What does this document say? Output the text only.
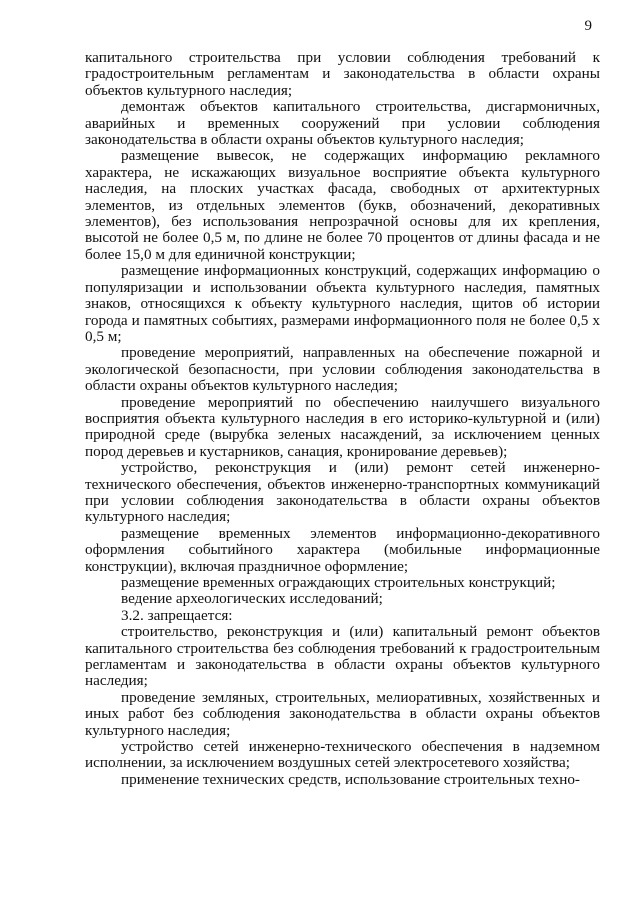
9

капитального строительства при условии соблюдения требований к градостроительным регламентам и законодательства в области охраны объектов культурного наследия;

демонтаж объектов капитального строительства, дисгармоничных, аварийных и временных сооружений при условии соблюдения законодательства в области охраны объектов культурного наследия;

размещение вывесок, не содержащих информацию рекламного характера, не искажающих визуальное восприятие объекта культурного наследия, на плоских участках фасада, свободных от архитектурных элементов, из отдельных элементов (букв, обозначений, декоративных элементов), без использования непрозрачной основы для их крепления, высотой не более 0,5 м, по длине не более 70 процентов от длины фасада и не более 15,0 м для единичной конструкции;

размещение информационных конструкций, содержащих информацию о популяризации и использовании объекта культурного наследия, памятных знаков, относящихся к объекту культурного наследия, щитов об истории города и памятных событиях, размерами информационного поля не более 0,5 х 0,5 м;

проведение мероприятий, направленных на обеспечение пожарной и экологической безопасности, при условии соблюдения законодательства в области охраны объектов культурного наследия;

проведение мероприятий по обеспечению наилучшего визуального восприятия объекта культурного наследия в его историко-культурной и (или) природной среде (вырубка зеленых насаждений, за исключением ценных пород деревьев и кустарников, санация, кронирование деревьев);

устройство, реконструкция и (или) ремонт сетей инженерно-технического обеспечения, объектов инженерно-транспортных коммуникаций при условии соблюдения законодательства в области охраны объектов культурного наследия;

размещение временных элементов информационно-декоративного оформления событийного характера (мобильные информационные конструкции), включая праздничное оформление;

размещение временных ограждающих строительных конструкций;

ведение археологических исследований;

3.2. запрещается:

строительство, реконструкция и (или) капитальный ремонт объектов капитального строительства без соблюдения требований к градостроительным регламентам и законодательства в области охраны объектов культурного наследия;

проведение земляных, строительных, мелиоративных, хозяйственных и иных работ без соблюдения законодательства в области охраны объектов культурного наследия;

устройство сетей инженерно-технического обеспечения в надземном исполнении, за исключением воздушных сетей электросетевого хозяйства;

применение технических средств, использование строительных техно-
